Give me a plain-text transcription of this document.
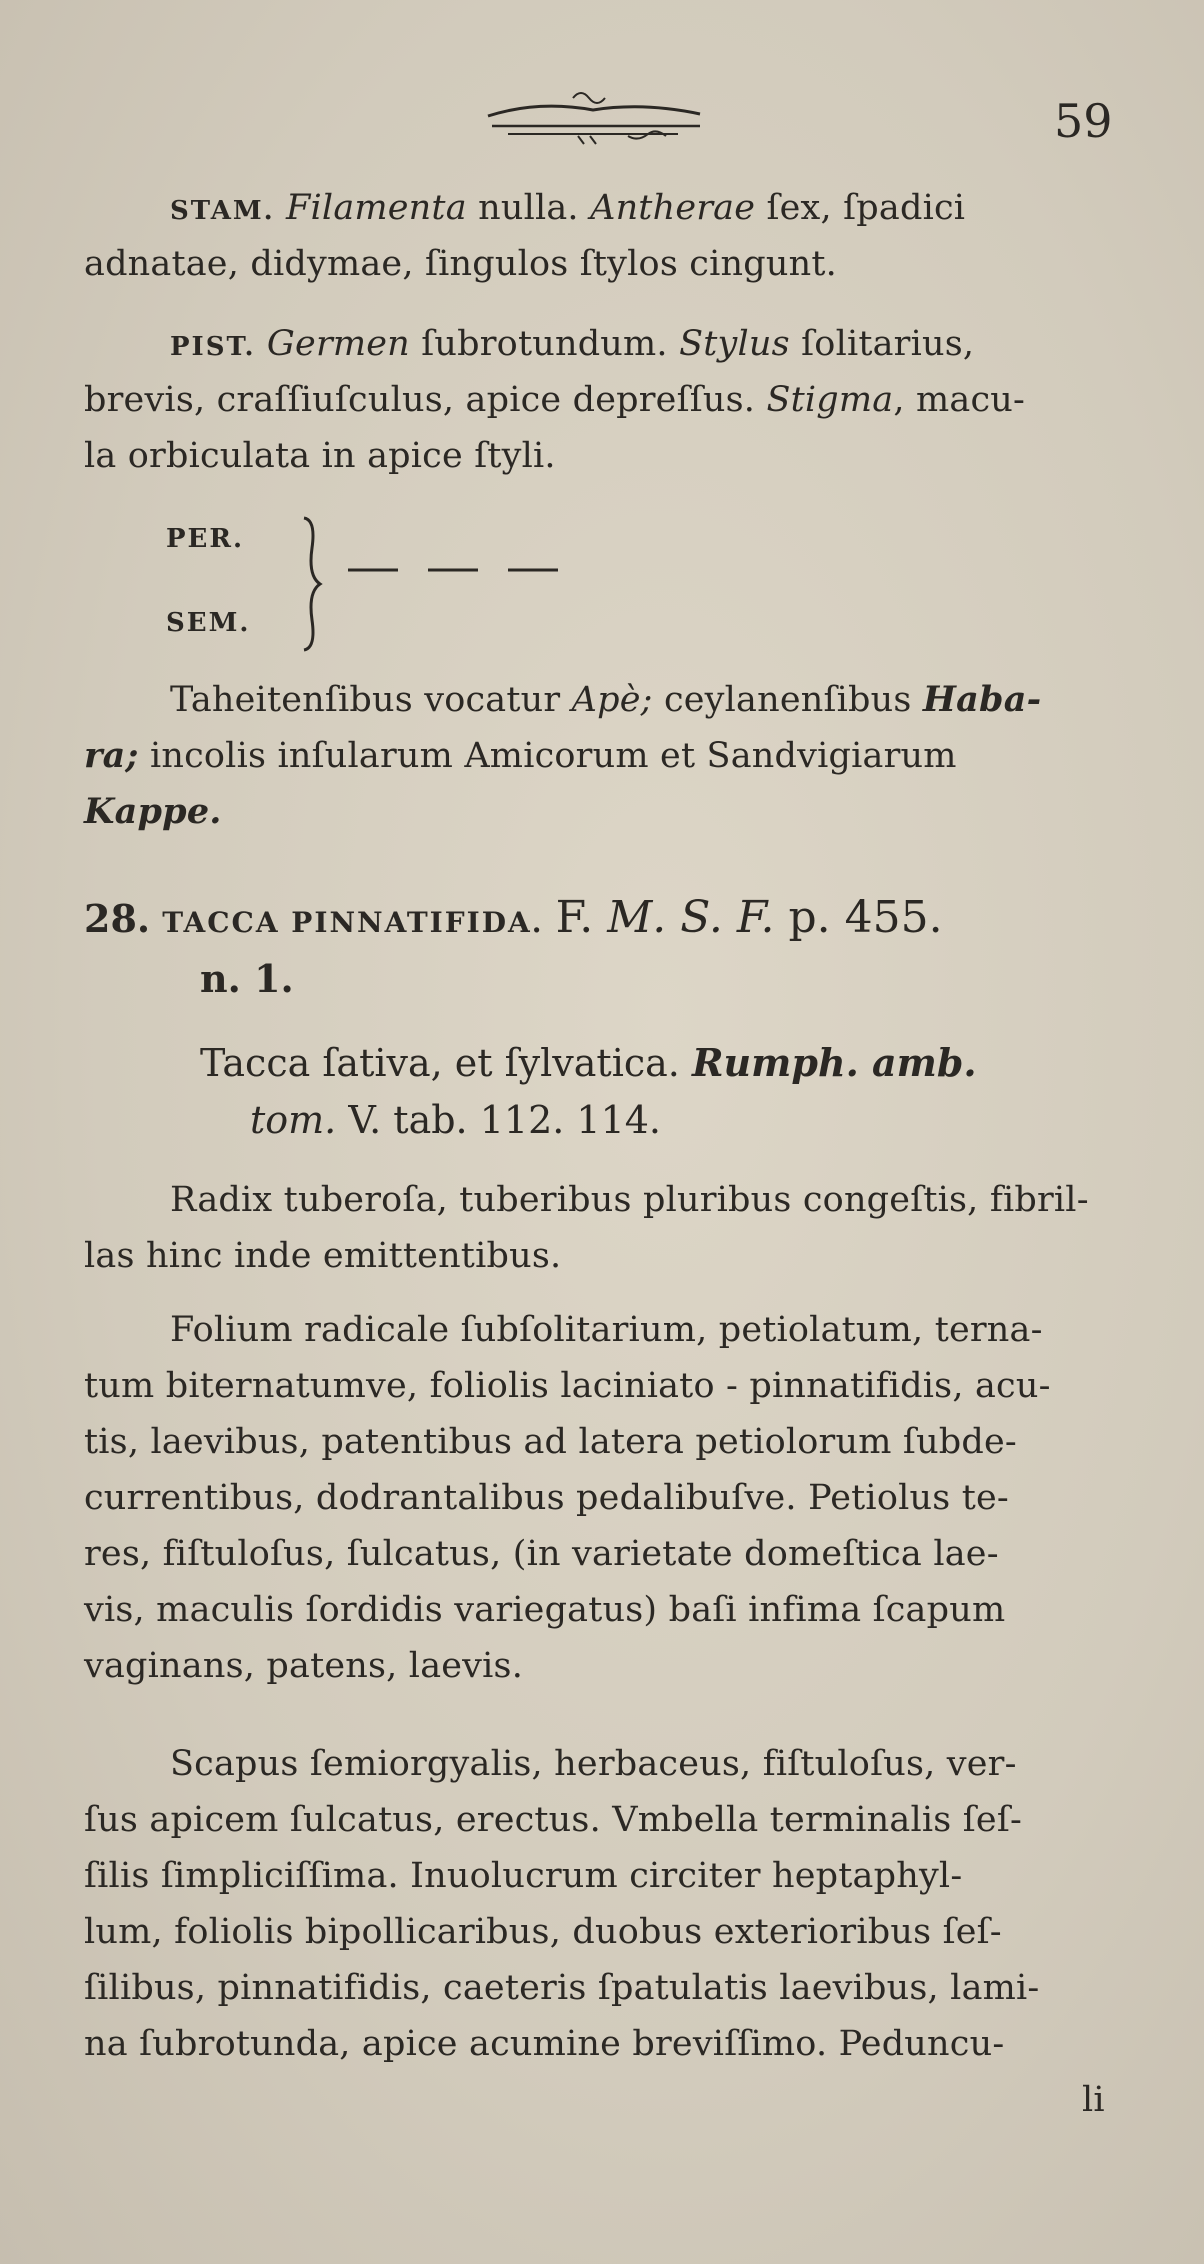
59
STAM. Filamenta nulla. Antherae ſex, ſpadici
adnatae, didymae, ſingulos ſtylos cingunt.
PIST. Germen ſubrotundum. Stylus ſolitarius,
brevis, craſſiuſculus, apice depreſſus. Stigma, macu-
la orbiculata in apice ſtyli.
PER.
SEM.
Taheitenſibus vocatur Apè; ceylanenſibus Haba-
ra; incolis inſularum Amicorum et Sandvigiarum
Kappe.
28. TACCA PINNATIFIDA. F. M. S. F. p. 455.
n. 1.
Tacca ſativa, et ſylvatica. Rumph. amb.
tom. V. tab. 112. 114.
Radix tuberoſa, tuberibus pluribus congeſtis, fibril-
las hinc inde emittentibus.
Folium radicale ſubſolitarium, petiolatum, terna-
tum biternatumve, foliolis laciniato - pinnatifidis, acu-
tis, laevibus, patentibus ad latera petiolorum ſubde-
currentibus, dodrantalibus pedalibuſve. Petiolus te-
res, fiſtuloſus, ſulcatus, (in varietate domeſtica lae-
vis, maculis ſordidis variegatus) baſi infima ſcapum
vaginans, patens, laevis.
Scapus ſemiorgyalis, herbaceus, fiſtuloſus, ver-
ſus apicem ſulcatus, erectus. Vmbella terminalis ſeſ-
ſilis ſimpliciſſima. Inuolucrum circiter heptaphyl-
lum, foliolis bipollicaribus, duobus exterioribus ſeſ-
ſilibus, pinnatifidis, caeteris ſpatulatis laevibus, lami-
na ſubrotunda, apice acumine breviſſimo. Peduncu-
li
